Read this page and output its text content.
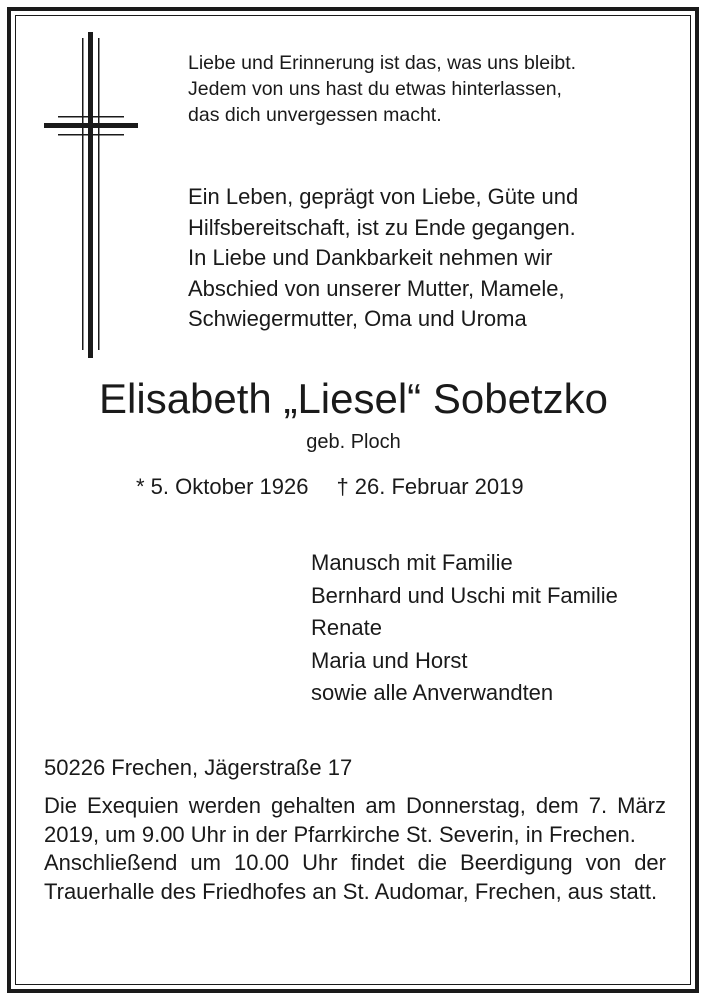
Liebe und Erinnerung ist das, was uns bleibt.
Jedem von uns hast du etwas hinterlassen,
das dich unvergessen macht.
Ein Leben, geprägt von Liebe, Güte und
Hilfsbereitschaft, ist zu Ende gegangen.
In Liebe und Dankbarkeit nehmen wir
Abschied von unserer Mutter, Mamele,
Schwiegermutter, Oma und Uroma
Elisabeth „Liesel“ Sobetzko
geb. Ploch
* 5. Oktober 1926 † 26. Februar 2019
Manusch mit Familie
Bernhard und Uschi mit Familie
Renate
Maria und Horst
sowie alle Anverwandten
50226 Frechen, Jägerstraße 17

Die Exequien werden gehalten am Donnerstag, dem 7. März 2019, um 9.00 Uhr in der Pfarrkirche St. Severin, in Frechen.

Anschließend um 10.00 Uhr findet die Beerdigung von der Trauerhalle des Friedhofes an St. Audomar, Frechen, aus statt.
